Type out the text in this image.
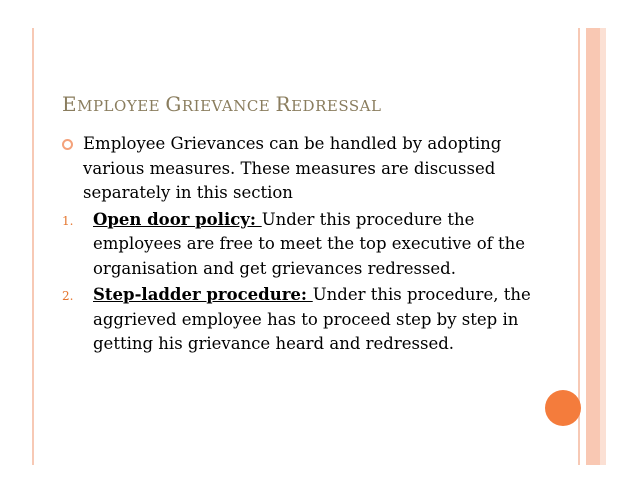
EMPLOYEE GRIEVANCE REDRESSAL
Employee Grievances can be handled by adopting various measures. These measures are discussed separately in this section
1. Open door policy: Under this procedure the employees are free to meet the top executive of the organisation and get grievances redressed.
2. Step-ladder procedure: Under this procedure, the aggrieved employee has to proceed step by step in getting his grievance heard and redressed.
